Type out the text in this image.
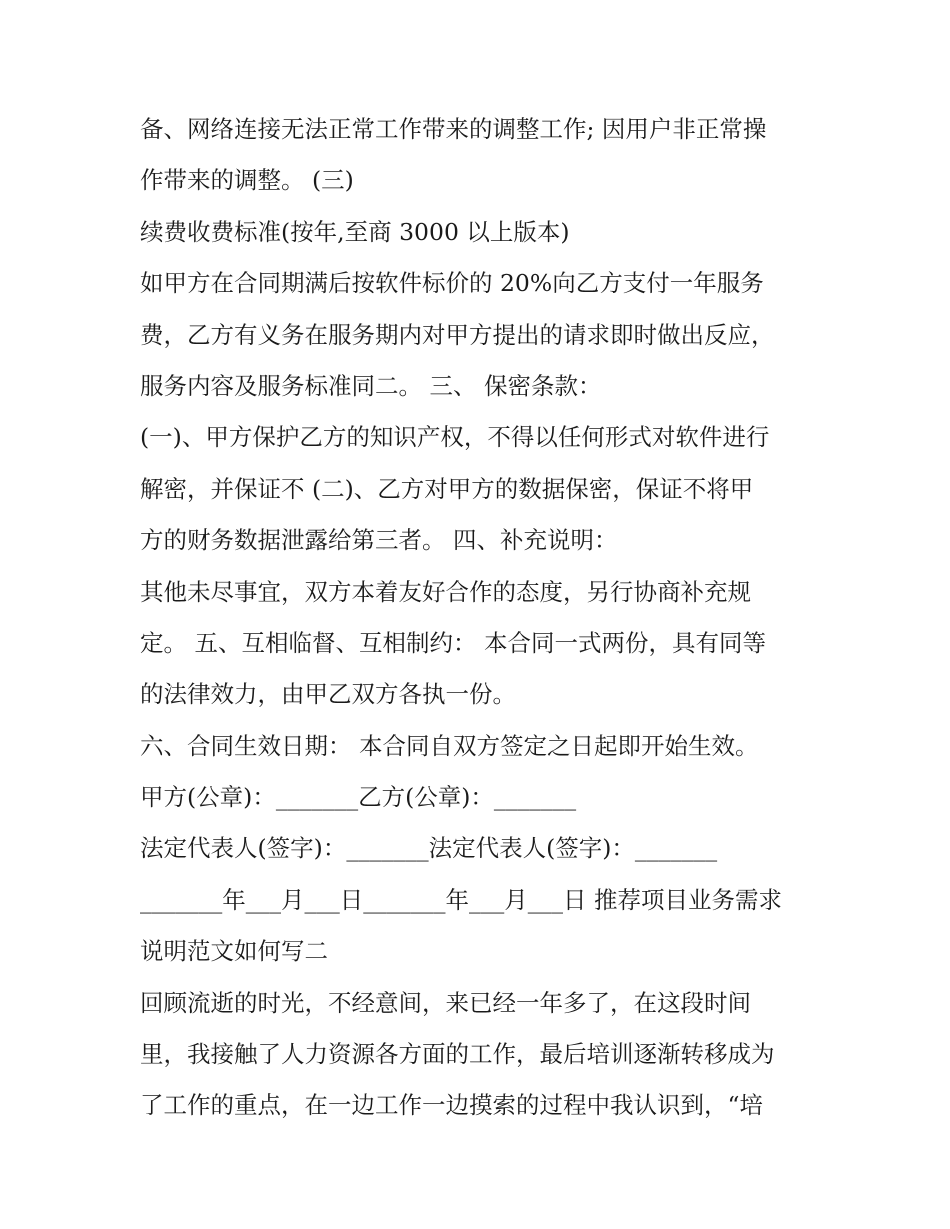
备、网络连接无法正常工作带来的调整工作; 因用户非正常操
作带来的调整。 (三)
续费收费标准(按年,至商 3000 以上版本)
如甲方在合同期满后按软件标价的 20%向乙方支付一年服务
费，乙方有义务在服务期内对甲方提出的请求即时做出反应，
服务内容及服务标准同二。 三、 保密条款：
(一)、甲方保护乙方的知识产权，不得以任何形式对软件进行
解密，并保证不 (二)、乙方对甲方的数据保密，保证不将甲
方的财务数据泄露给第三者。 四、补充说明：
其他未尽事宜，双方本着友好合作的态度，另行协商补充规
定。 五、互相临督、互相制约： 本合同一式两份，具有同等
的法律效力，由甲乙双方各执一份。
六、合同生效日期： 本合同自双方签定之日起即开始生效。
甲方(公章)：_______乙方(公章)：_______
法定代表人(签字)：_______法定代表人(签字)：_______
_______年___月___日_______年___月___日 推荐项目业务需求
说明范文如何写二
回顾流逝的时光，不经意间，来已经一年多了，在这段时间
里，我接触了人力资源各方面的工作，最后培训逐渐转移成为
了工作的重点，在一边工作一边摸索的过程中我认识到，“培
